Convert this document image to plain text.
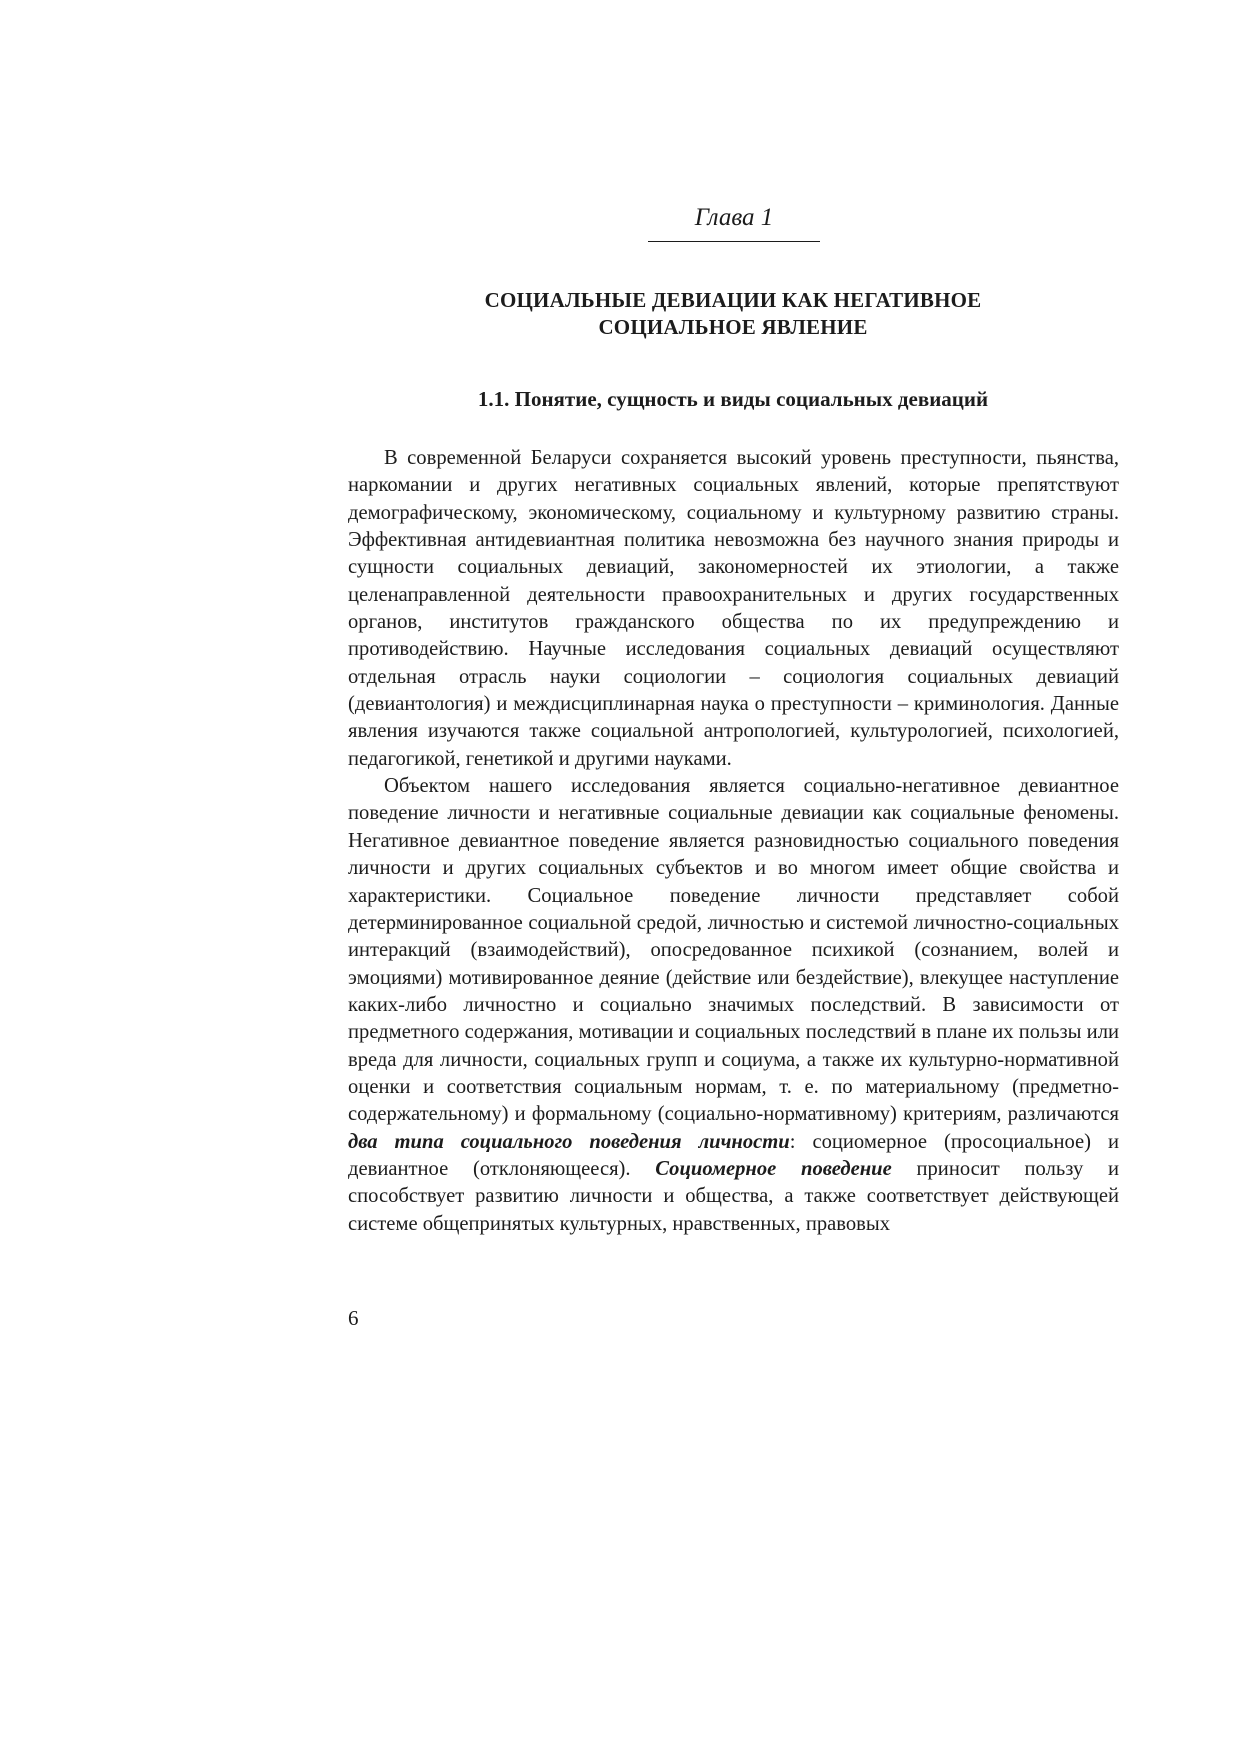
Глава 1
СОЦИАЛЬНЫЕ ДЕВИАЦИИ КАК НЕГАТИВНОЕ
СОЦИАЛЬНОЕ ЯВЛЕНИЕ
1.1. Понятие, сущность и виды социальных девиаций

В современной Беларуси сохраняется высокий уровень преступности, пьянства, наркомании и других негативных социальных явлений, которые препятствуют демографическому, экономическому, социальному и культурному развитию страны. Эффективная антидевиантная политика невозможна без научного знания природы и сущности социальных девиаций, закономерностей их этиологии, а также целенаправленной деятельности правоохранительных и других государственных органов, институтов гражданского общества по их предупреждению и противодействию. Научные исследования социальных девиаций осуществляют отдельная отрасль науки социологии – социология социальных девиаций (девиантология) и междисциплинарная наука о преступности – криминология. Данные явления изучаются также социальной антропологией, культурологией, психологией, педагогикой, генетикой и другими науками.

Объектом нашего исследования является социально-негативное девиантное поведение личности и негативные социальные девиации как социальные феномены. Негативное девиантное поведение является разновидностью социального поведения личности и других социальных субъектов и во многом имеет общие свойства и характеристики. Социальное поведение личности представляет собой детерминированное социальной средой, личностью и системой личностно-социальных интеракций (взаимодействий), опосредованное психикой (сознанием, волей и эмоциями) мотивированное деяние (действие или бездействие), влекущее наступление каких-либо личностно и социально значимых последствий. В зависимости от предметного содержания, мотивации и социальных последствий в плане их пользы или вреда для личности, социальных групп и социума, а также их культурно-нормативной оценки и соответствия социальным нормам, т. е. по материальному (предметно-содержательному) и формальному (социально-нормативному) критериям, различаются два типа социального поведения личности: социомерное (просоциальное) и девиантное (отклоняющееся). Социомерное поведение приносит пользу и способствует развитию личности и общества, а также соответствует действующей системе общепринятых культурных, нравственных, правовых

6
